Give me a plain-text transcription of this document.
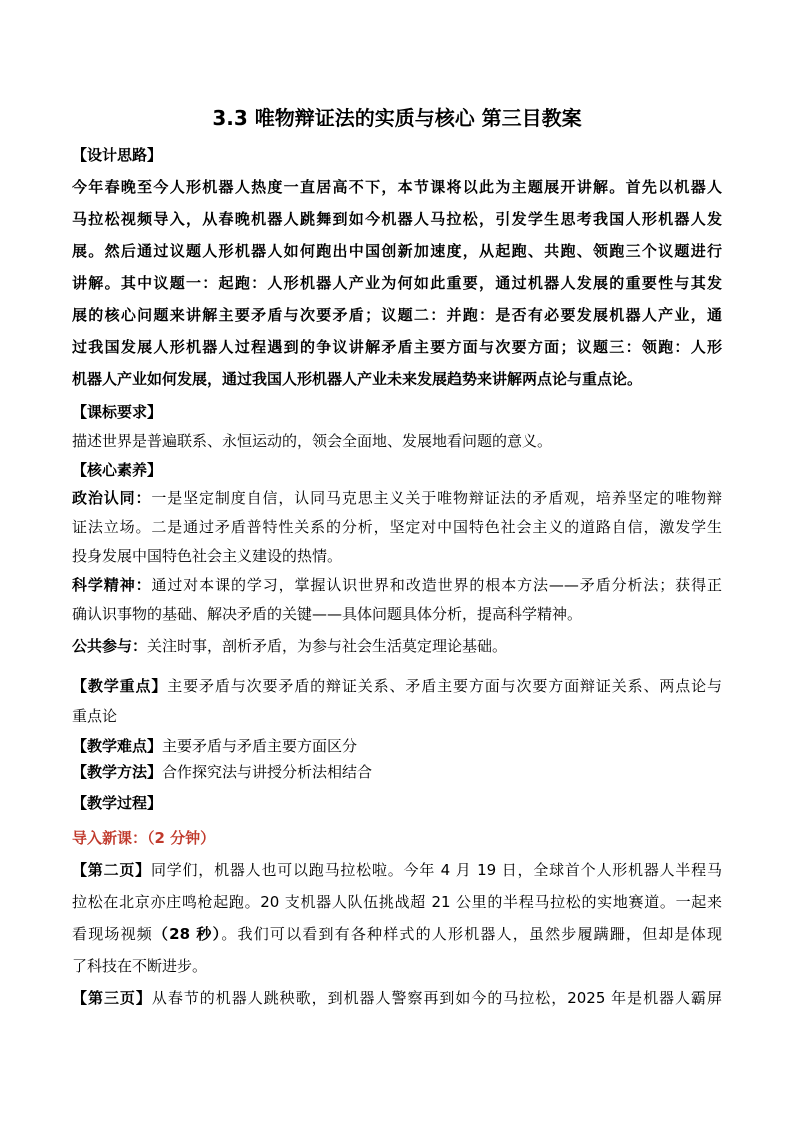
3.3 唯物辩证法的实质与核心 第三目教案
【设计思路】
今年春晚至今人形机器人热度一直居高不下，本节课将以此为主题展开讲解。首先以机器人
马拉松视频导入，从春晚机器人跳舞到如今机器人马拉松，引发学生思考我国人形机器人发
展。然后通过议题人形机器人如何跑出中国创新加速度，从起跑、共跑、领跑三个议题进行
讲解。其中议题一：起跑：人形机器人产业为何如此重要，通过机器人发展的重要性与其发
展的核心问题来讲解主要矛盾与次要矛盾；议题二：并跑：是否有必要发展机器人产业，通
过我国发展人形机器人过程遇到的争议讲解矛盾主要方面与次要方面；议题三：领跑：人形
机器人产业如何发展，通过我国人形机器人产业未来发展趋势来讲解两点论与重点论。
【课标要求】
描述世界是普遍联系、永恒运动的，领会全面地、发展地看问题的意义。
【核心素养】
政治认同：一是坚定制度自信，认同马克思主义关于唯物辩证法的矛盾观，培养坚定的唯物辩
证法立场。二是通过矛盾普特性关系的分析，坚定对中国特色社会主义的道路自信，激发学生
投身发展中国特色社会主义建设的热情。
科学精神：通过对本课的学习，掌握认识世界和改造世界的根本方法——矛盾分析法；获得正
确认识事物的基础、解决矛盾的关键——具体问题具体分析，提高科学精神。
公共参与：关注时事，剖析矛盾，为参与社会生活莫定理论基础。
【教学重点】主要矛盾与次要矛盾的辩证关系、矛盾主要方面与次要方面辩证关系、两点论与
重点论
【教学难点】主要矛盾与矛盾主要方面区分
【教学方法】合作探究法与讲授分析法相结合
【教学过程】
导入新课：（2 分钟）
【第二页】同学们，机器人也可以跑马拉松啦。今年 4 月 19 日，全球首个人形机器人半程马
拉松在北京亦庄鸣枪起跑。20 支机器人队伍挑战超 21 公里的半程马拉松的实地赛道。一起来
看现场视频（28 秒）。我们可以看到有各种样式的人形机器人，虽然步履蹒跚，但却是体现
了科技在不断进步。
【第三页】从春节的机器人跳秧歌，到机器人警察再到如今的马拉松，2025 年是机器人霸屏
